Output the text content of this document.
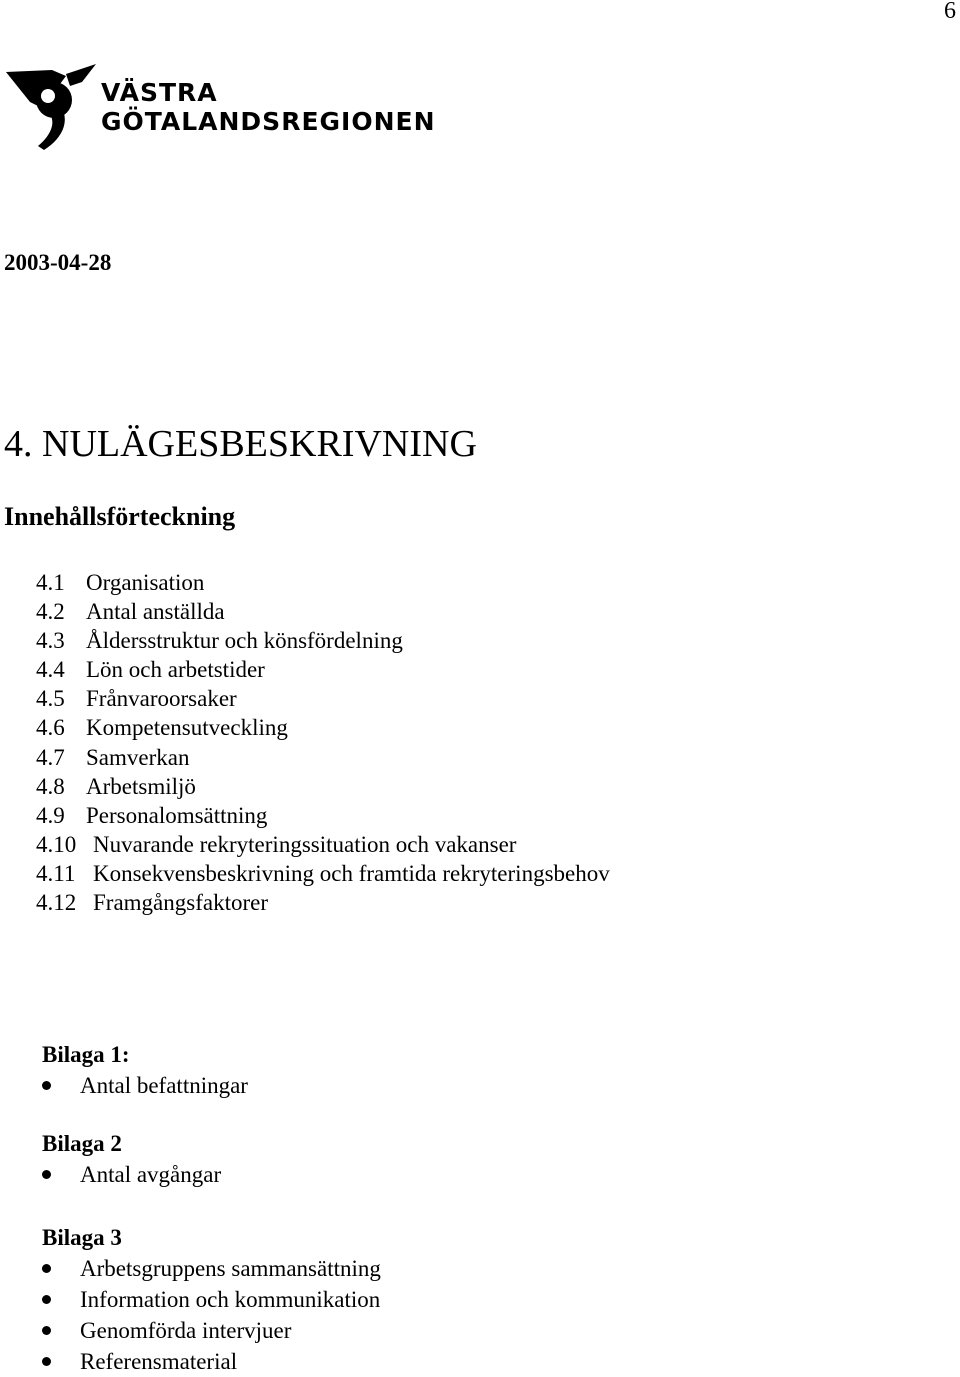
6
VÄSTRA
GÖTALANDSREGIONEN
2003-04-28
4. NULÄGESBESKRIVNING
Innehållsförteckning
4.1 Organisation
4.2 Antal anställda
4.3 Åldersstruktur och könsfördelning
4.4 Lön och arbetstider
4.5 Frånvaroorsaker
4.6 Kompetensutveckling
4.7 Samverkan
4.8 Arbetsmiljö
4.9 Personalomsättning
4.10 Nuvarande rekryteringssituation och vakanser
4.11 Konsekvensbeskrivning och framtida rekryteringsbehov
4.12 Framgångsfaktorer
Bilaga 1:
Antal befattningar
Bilaga 2
Antal avgångar
Bilaga 3
Arbetsgruppens sammansättning
Information och kommunikation
Genomförda intervjuer
Referensmaterial
